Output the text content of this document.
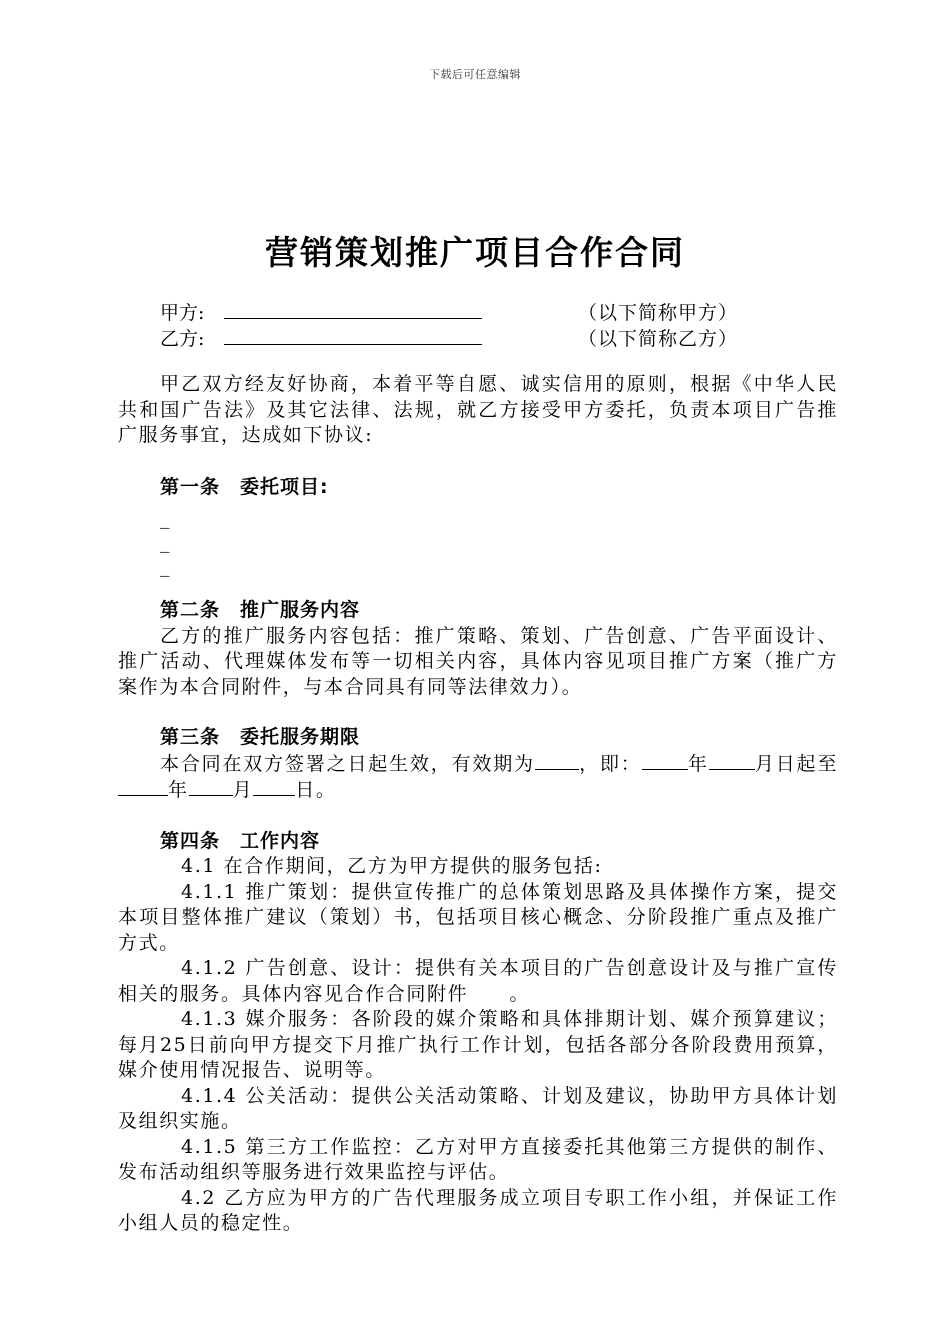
下载后可任意编辑
营销策划推广项目合作合同
甲方:	（以下简称甲方）
乙方:	（以下简称乙方）

甲乙双方经友好协商，本着平等自愿、诚实信用的原则，根据《中华人民共和国广告法》及其它法律、法规，就乙方接受甲方委托，负责本项目广告推广服务事宜，达成如下协议:

第一条　委托项目:

_
_
_

第二条　推广服务内容

乙方的推广服务内容包括：推广策略、策划、广告创意、广告平面设计、推广活动、代理媒体发布等一切相关内容，具体内容见项目推广方案（推广方案作为本合同附件，与本合同具有同等法律效力）。

第三条　委托服务期限

本合同在双方签署之日起生效，有效期为 ，即： 年 月日起至年 月 日。

第四条　工作内容

4.1 在合作期间，乙方为甲方提供的服务包括:

4.1.1 推广策划：提供宣传推广的总体策划思路及具体操作方案，提交本项目整体推广建议（策划）书，包括项目核心概念、分阶段推广重点及推广方式。

4.1.2 广告创意、设计：提供有关本项目的广告创意设计及与推广宣传相关的服务。具体内容见合作合同附件　　。

4.1.3 媒介服务：各阶段的媒介策略和具体排期计划、媒介预算建议；每月25日前向甲方提交下月推广执行工作计划，包括各部分各阶段费用预算，媒介使用情况报告、说明等。

4.1.4 公关活动：提供公关活动策略、计划及建议，协助甲方具体计划及组织实施。

4.1.5 第三方工作监控：乙方对甲方直接委托其他第三方提供的制作、发布活动组织等服务进行效果监控与评估。

4.2 乙方应为甲方的广告代理服务成立项目专职工作小组，并保证工作小组人员的稳定性。
